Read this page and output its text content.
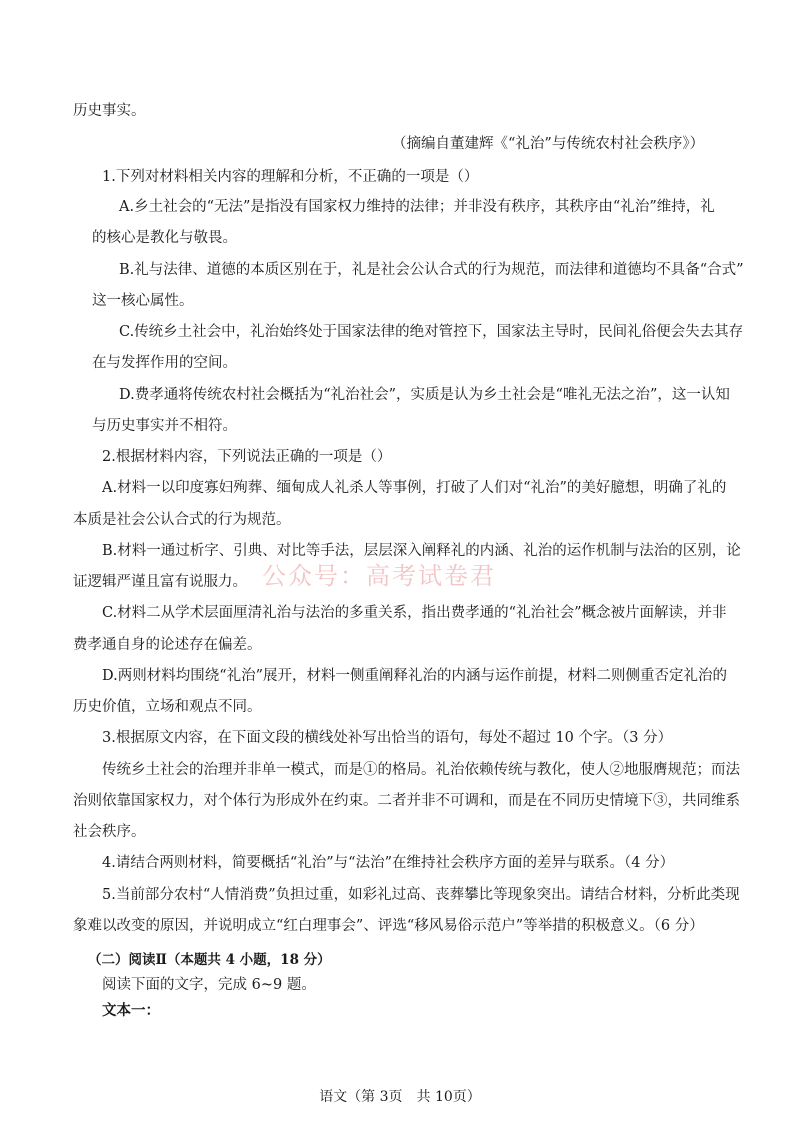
历史事实。

（摘编自董建辉《“礼治”与传统农村社会秩序》）

1.下列对材料相关内容的理解和分析，不正确的一项是（）

A.乡土社会的“无法”是指没有国家权力维持的法律；并非没有秩序，其秩序由“礼治”维持，礼

的核心是教化与敬畏。

B.礼与法律、道德的本质区别在于，礼是社会公认合式的行为规范，而法律和道德均不具备“合式”

这一核心属性。

C.传统乡土社会中，礼治始终处于国家法律的绝对管控下，国家法主导时，民间礼俗便会失去其存

在与发挥作用的空间。

D.费孝通将传统农村社会概括为“礼治社会”，实质是认为乡土社会是“唯礼无法之治”，这一认知

与历史事实并不相符。

2.根据材料内容，下列说法正确的一项是（）

A.材料一以印度寡妇殉葬、缅甸成人礼杀人等事例，打破了人们对“礼治”的美好臆想，明确了礼的

本质是社会公认合式的行为规范。

B.材料一通过析字、引典、对比等手法，层层深入阐释礼的内涵、礼治的运作机制与法治的区别，论

证逻辑严谨且富有说服力。

C.材料二从学术层面厘清礼治与法治的多重关系，指出费孝通的“礼治社会”概念被片面解读，并非

费孝通自身的论述存在偏差。

D.两则材料均围绕“礼治”展开，材料一侧重阐释礼治的内涵与运作前提，材料二则侧重否定礼治的

历史价值，立场和观点不同。

3.根据原文内容，在下面文段的横线处补写出恰当的语句，每处不超过 10 个字。（3 分）

传统乡土社会的治理并非单一模式，而是①的格局。礼治依赖传统与教化，使人②地服膺规范；而法

治则依靠国家权力，对个体行为形成外在约束。二者并非不可调和，而是在不同历史情境下③，共同维系

社会秩序。

4.请结合两则材料，简要概括“礼治”与“法治”在维持社会秩序方面的差异与联系。（4 分）

5.当前部分农村“人情消费”负担过重，如彩礼过高、丧葬攀比等现象突出。请结合材料，分析此类现

象难以改变的原因，并说明成立“红白理事会”、评选“移风易俗示范户”等举措的积极意义。（6 分）

（二）阅读Ⅱ（本题共 4 小题，18 分）

阅读下面的文字，完成 6~9 题。

文本一：

公众号：高考试卷君
语文（第 3页　共 10页）
